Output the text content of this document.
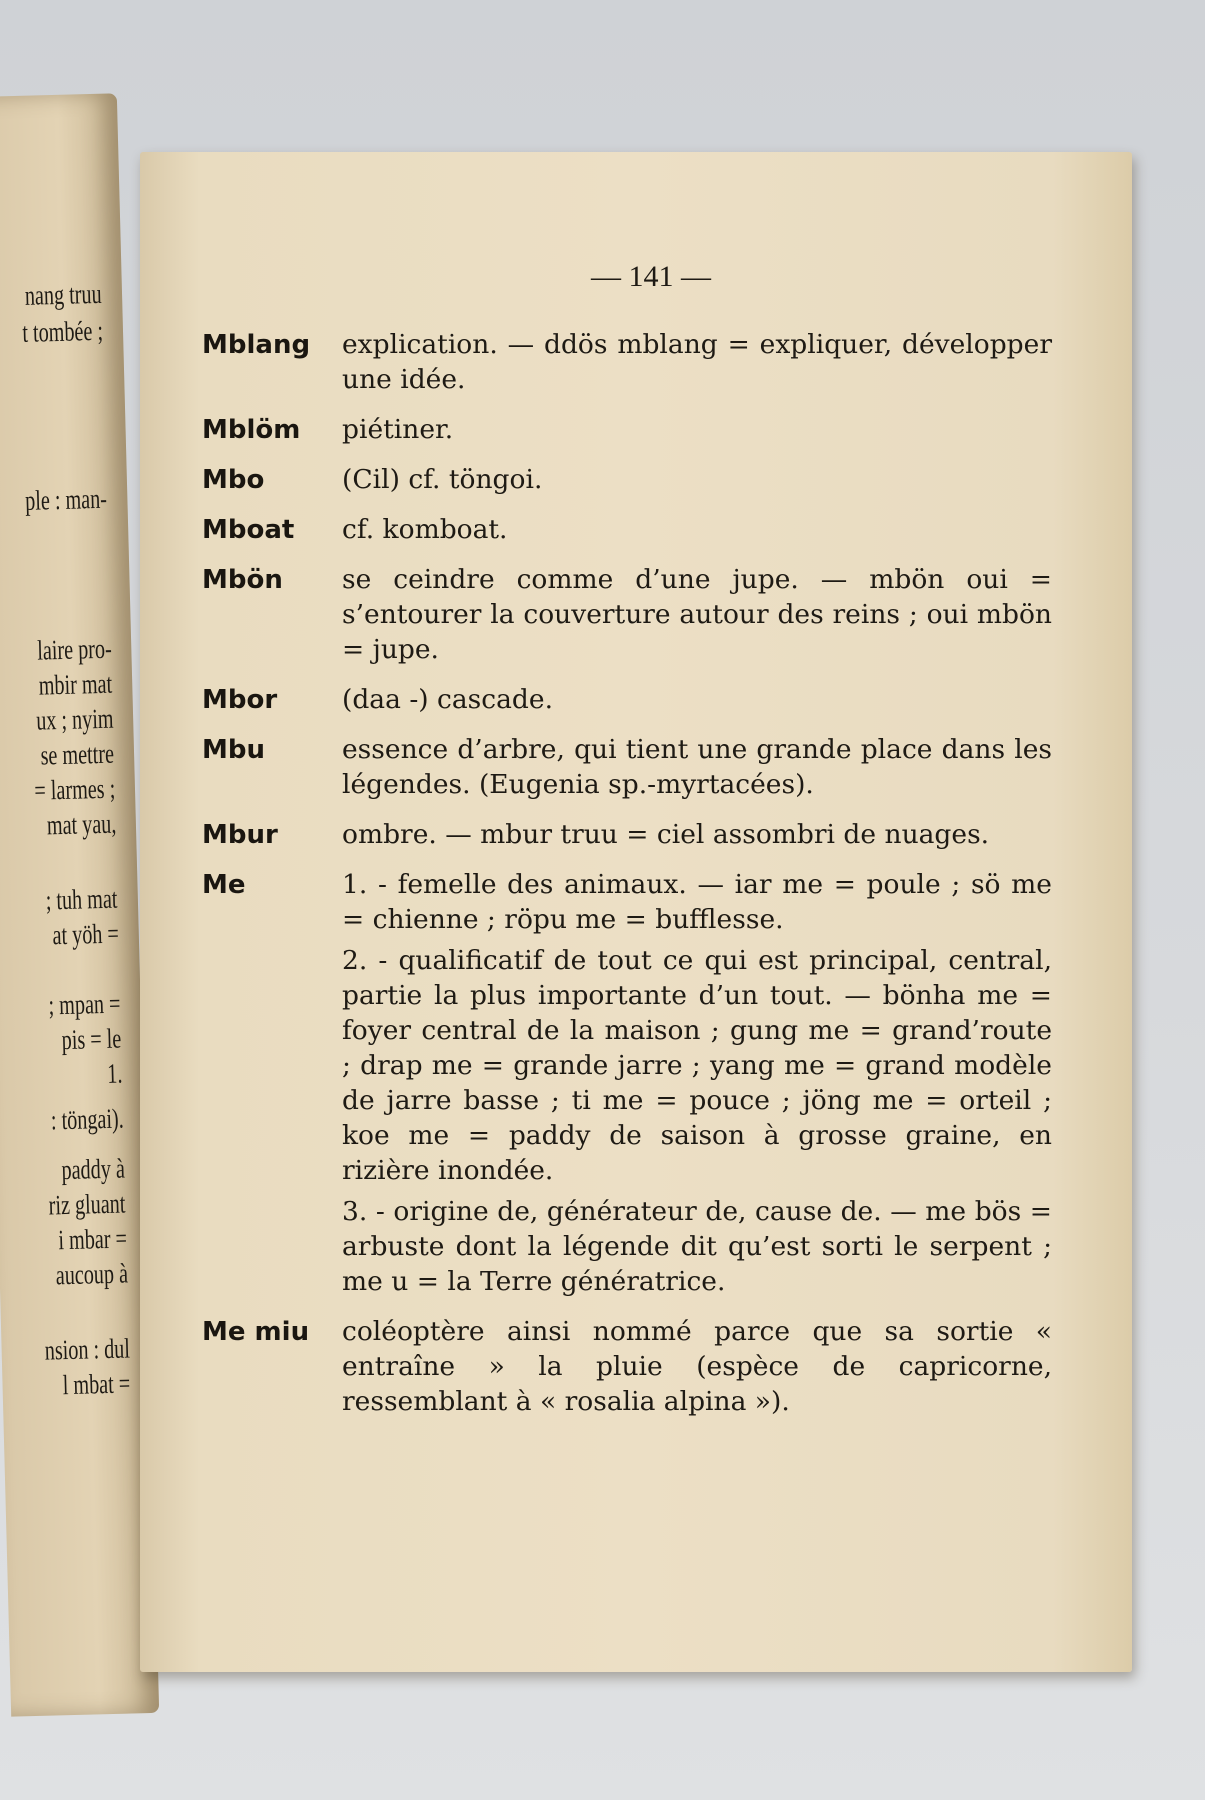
nang truu
t tombée ;
ple : man-
laire pro-
mbir mat
ux ; nyim
se mettre
= larmes ;
mat yau,
; tuh mat
at yöh =
; mpan =
pis = le
1.
: töngai).
paddy à
riz gluant
i mbar =
aucoup à
nsion : dul
l mbat =
— 141 —
Mblang	explication. — ddös mblang = expliquer, développer une idée.

Mblöm	piétiner.

Mbo	(Cil) cf. töngoi.

Mboat	cf. komboat.

Mbön	se ceindre comme d’une jupe. — mbön oui = s’entourer la couverture autour des reins ; oui mbön = jupe.

Mbor	(daa -) cascade.

Mbu	essence d’arbre, qui tient une grande place dans les légendes. (Eugenia sp.-myrtacées).

Mbur	ombre. — mbur truu = ciel assombri de nuages.

Me	1. - femelle des animaux. — iar me = poule ; sö me = chienne ; röpu me = bufflesse.

2. - qualificatif de tout ce qui est principal, central, partie la plus importante d’un tout. — bönha me = foyer central de la maison ; gung me = grand’route ; drap me = grande jarre ; yang me = grand modèle de jarre basse ; ti me = pouce ; jöng me = orteil ; koe me = paddy de saison à grosse graine, en rizière inondée.

3. - origine de, générateur de, cause de. — me bös = arbuste dont la légende dit qu’est sorti le serpent ; me u = la Terre génératrice.

Me miu	coléoptère ainsi nommé parce que sa sortie « entraîne » la pluie (espèce de capricorne, ressemblant à « rosalia alpina »).
